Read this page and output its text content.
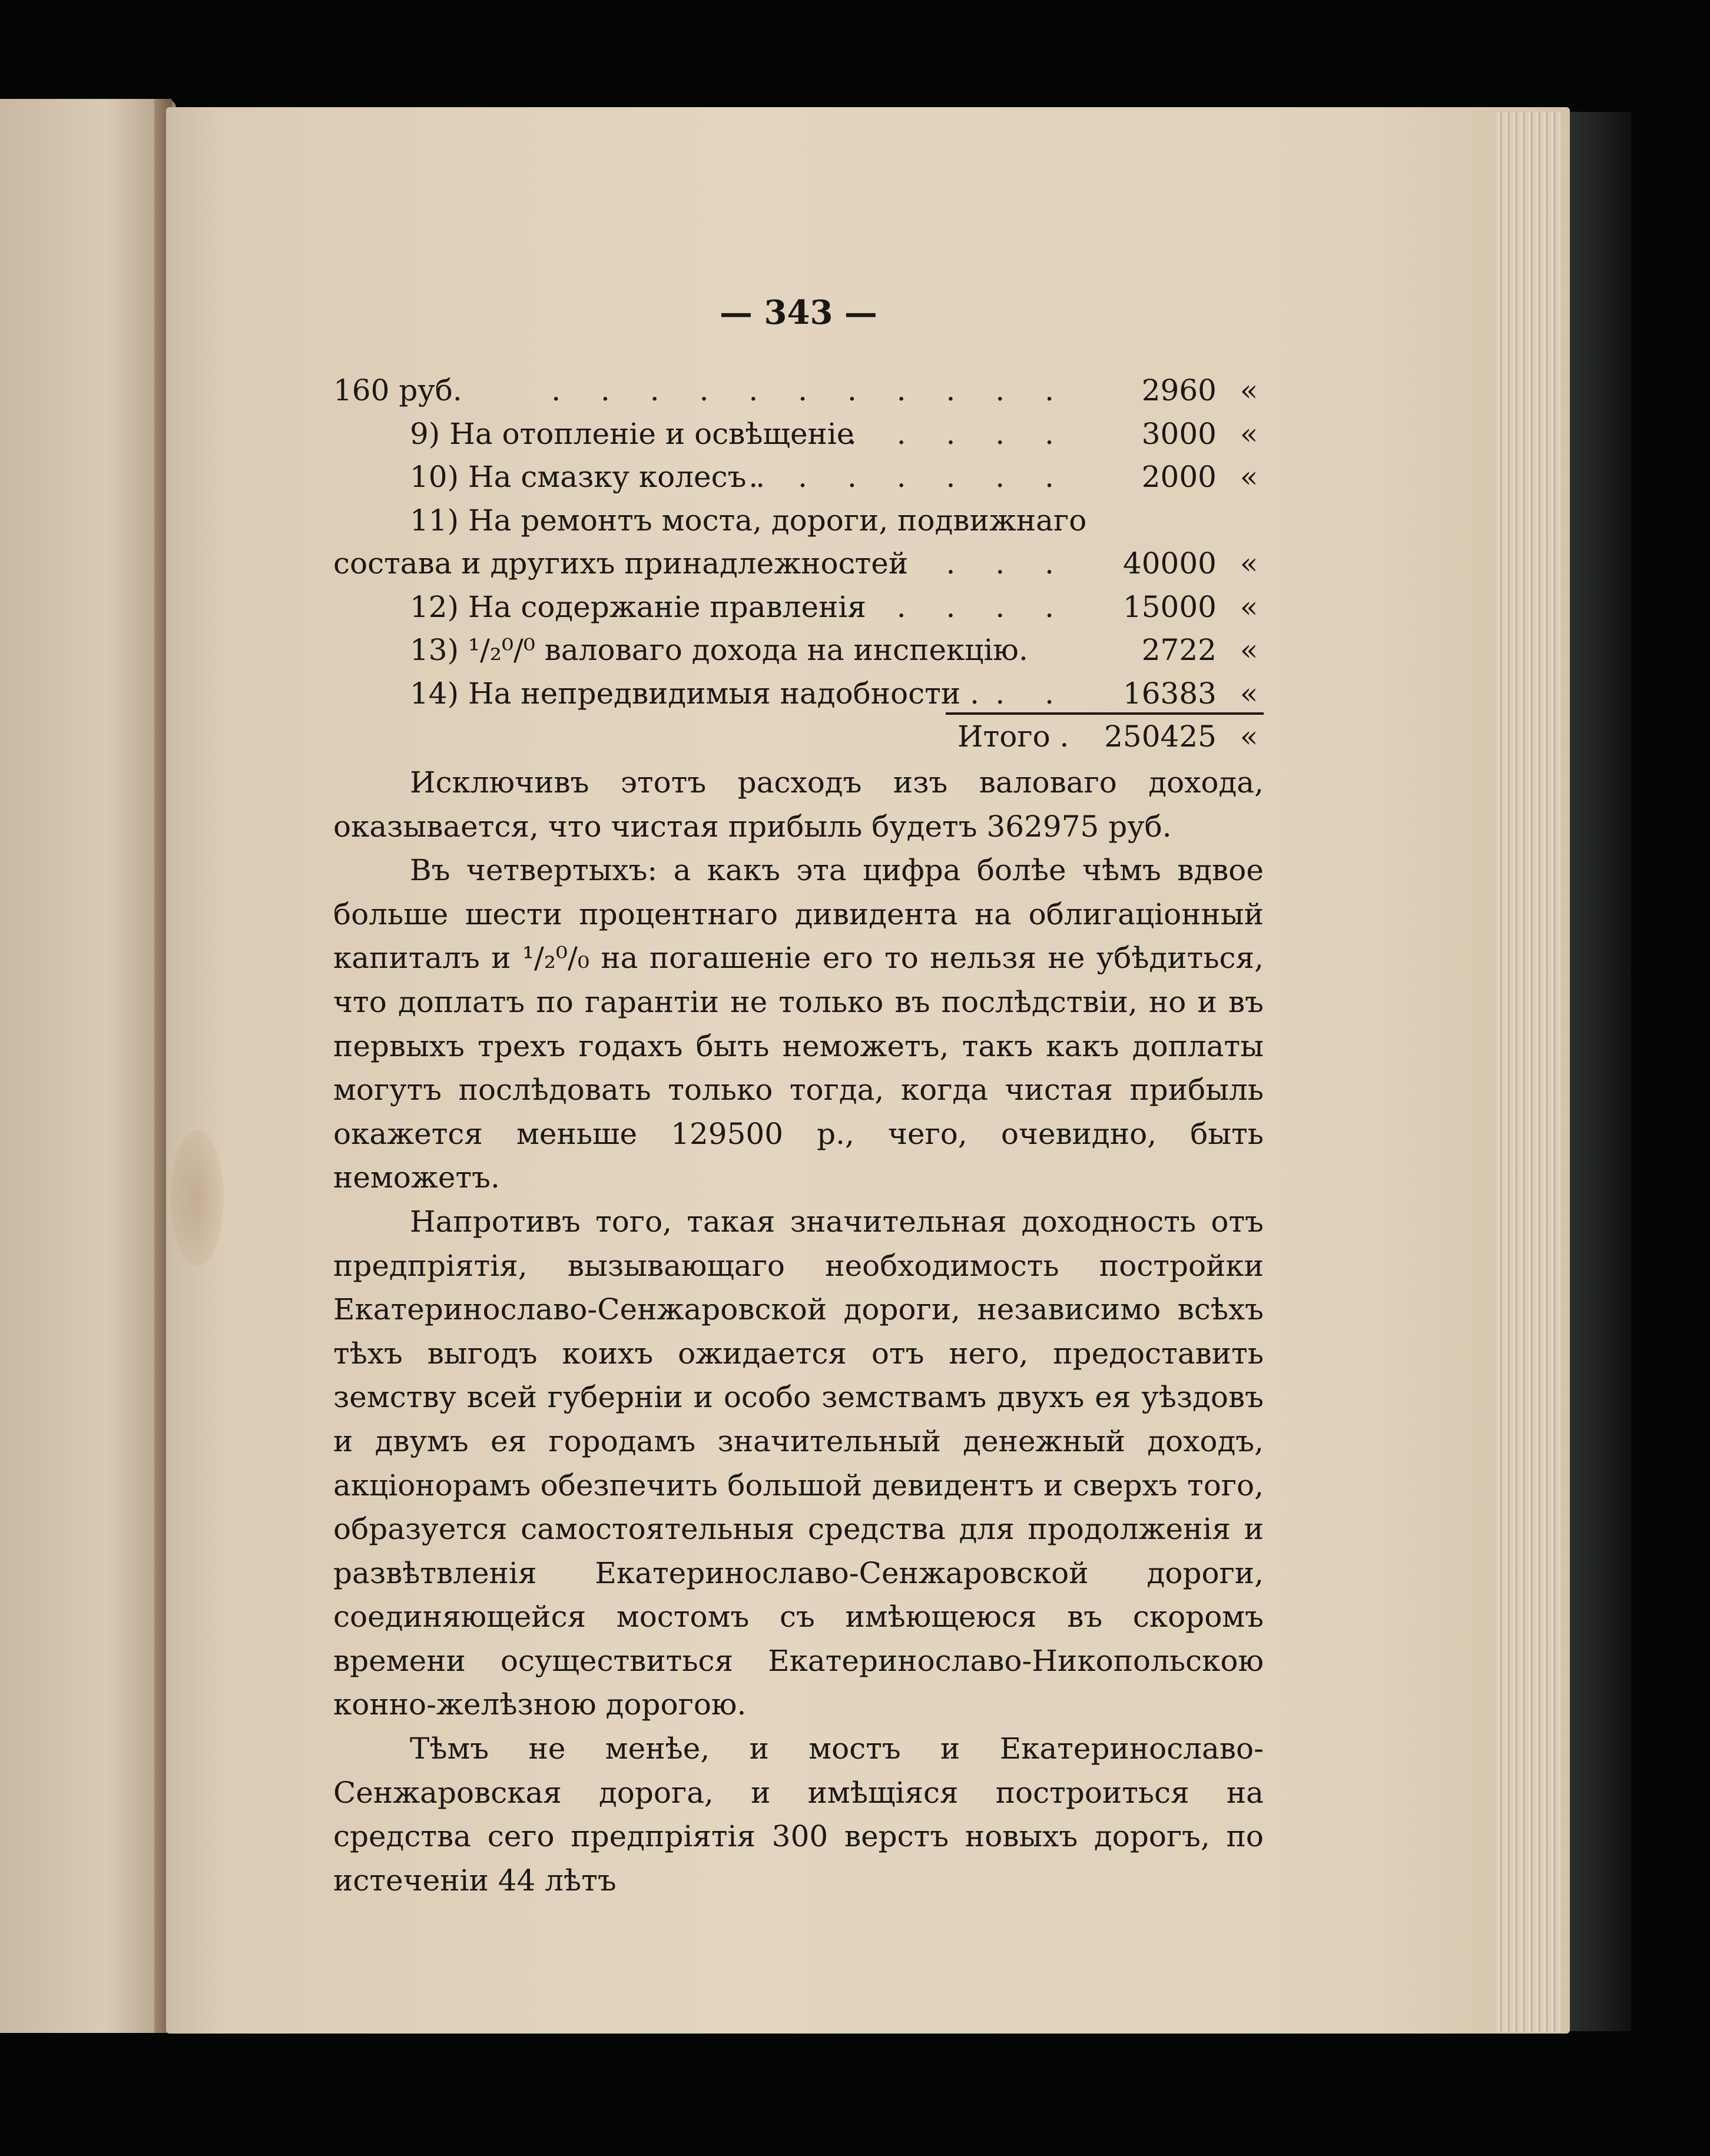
— 343 —
160 руб.	. . . . . . . . . . . 2960 «
9) На отопленіе и освѣщеніе
. . . . . 3000 «
10) На смазку колесъ .
. . . . . . . 2000 «
11) На ремонтъ моста, дороги, подвижнаго
состава и другихъ принадлежностей
. . . . . 40000 «
12) На содержаніе правленія
. . . . . 15000 «
13) ¹/₂⁰/⁰ валоваго дохода на инспекцію.	2722 «
14) На непредвидимыя надобности . . . 16383 «
Итого . 250425 «

Исключивъ этотъ расходъ изъ валоваго дохода, оказывается, что чистая прибыль будетъ 362975 руб.

Въ четвертыхъ: а какъ эта цифра болѣе чѣмъ вдвое больше шести процентнаго дивидента на облигаціонный капиталъ и ¹/₂⁰/₀ на погашеніе его то нельзя не убѣдиться, что доплатъ по гарантіи не только въ послѣдствіи, но и въ первыхъ трехъ годахъ быть неможетъ, такъ какъ доплаты могутъ послѣдовать только тогда, когда чистая прибыль окажется меньше 129500 р., чего, очевидно, быть неможетъ.

Напротивъ того, такая значительная доходность отъ предпріятія, вызывающаго необходимость постройки Екатеринославо-Сенжаровской дороги, независимо всѣхъ тѣхъ выгодъ коихъ ожидается отъ него, предоставить земству всей губерніи и особо земствамъ двухъ ея уѣздовъ и двумъ ея городамъ значительный денежный доходъ, акціонорамъ обезпечить большой девидентъ и сверхъ того, образуется самостоятельныя средства для продолженія и развѣтвленія Екатеринославо-Сенжаровской дороги, соединяющейся мостомъ съ имѣющеюся въ скоромъ времени осуществиться Екатеринославо-Никопольскою конно-желѣзною дорогою.

Тѣмъ не менѣе, и мостъ и Екатеринославо-Сенжаровская дорога, и имѣщіяся построиться на средства сего предпріятія 300 верстъ новыхъ дорогъ, по истеченіи 44 лѣтъ
